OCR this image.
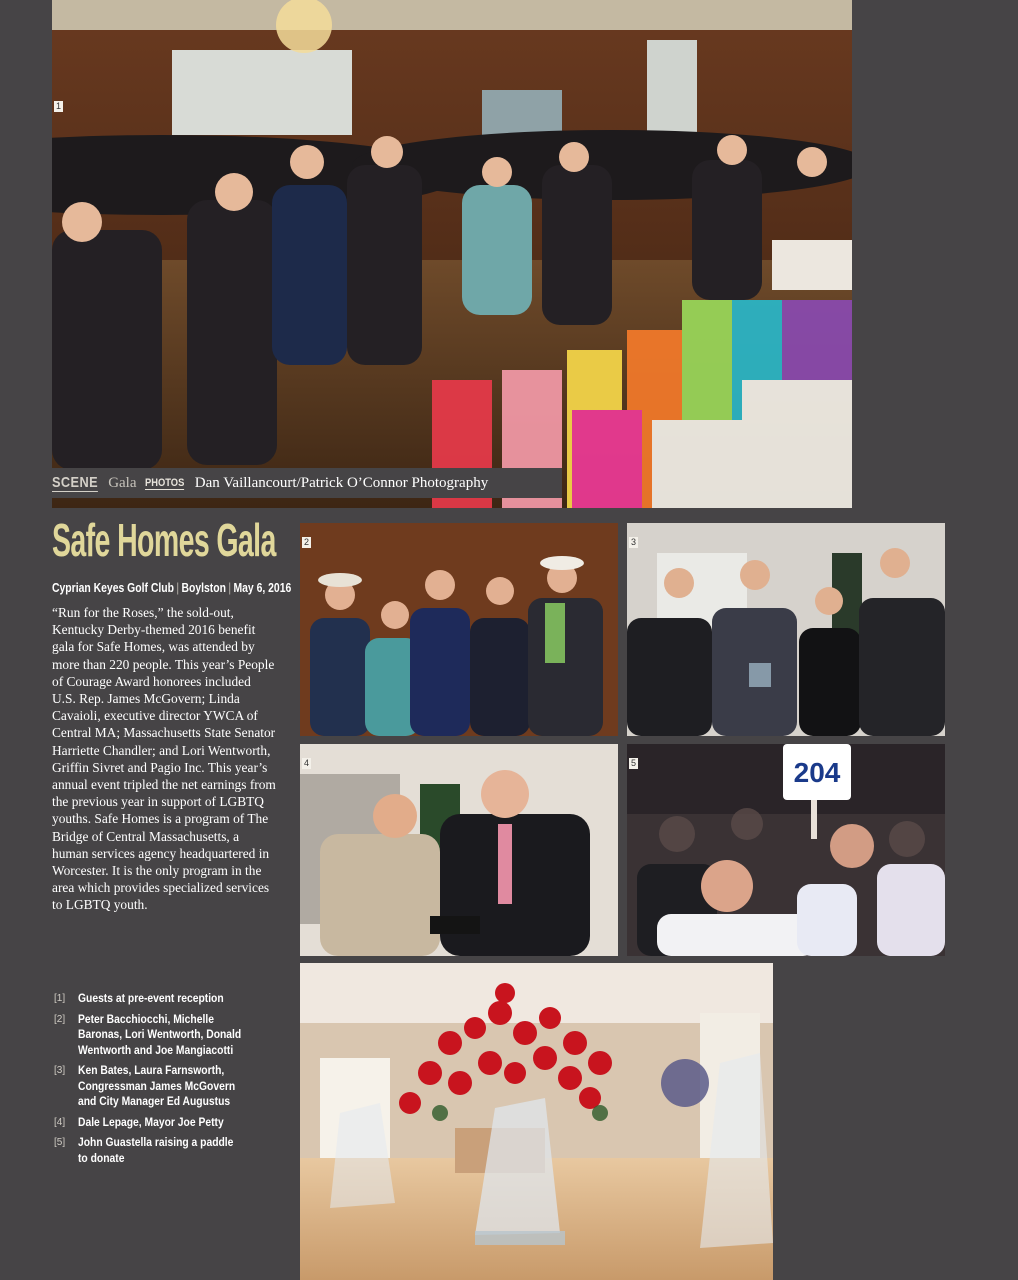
1
SCENE Gala PHOTOS Dan Vaillancourt/Patrick O’Connor Photography
Safe Homes Gala
Cyprian Keyes Golf Club | Boylston | May 6, 2016
“Run for the Roses,” the sold-out, Kentucky Derby-themed 2016 benefit gala for Safe Homes, was attended by more than 220 people. This year’s People of Courage Award honorees included U.S. Rep. James McGovern; Linda Cavaioli, executive director YWCA of Central MA; Massachusetts State Senator Harriette Chandler; and Lori Wentworth, Griffin Sivret and Pagio Inc. This year’s annual event tripled the net earnings from the previous year in support of LGBTQ youths. Safe Homes is a program of The Bridge of Central Massachusetts, a human services agency headquartered in Worcester. It is the only program in the area which provides specialized services to LGBTQ youth.
[1]	Guests at pre-event reception
[2]	Peter Bacchiocchi, Michelle Baronas, Lori Wentworth, Donald Wentworth and Joe Mangiacotti
[3]	Ken Bates, Laura Farnsworth, Congressman James McGovern and City Manager Ed Augustus
[4]	Dale Lepage, Mayor Joe Petty
[5]	John Guastella raising a paddle to donate
2	3
4	204
5
